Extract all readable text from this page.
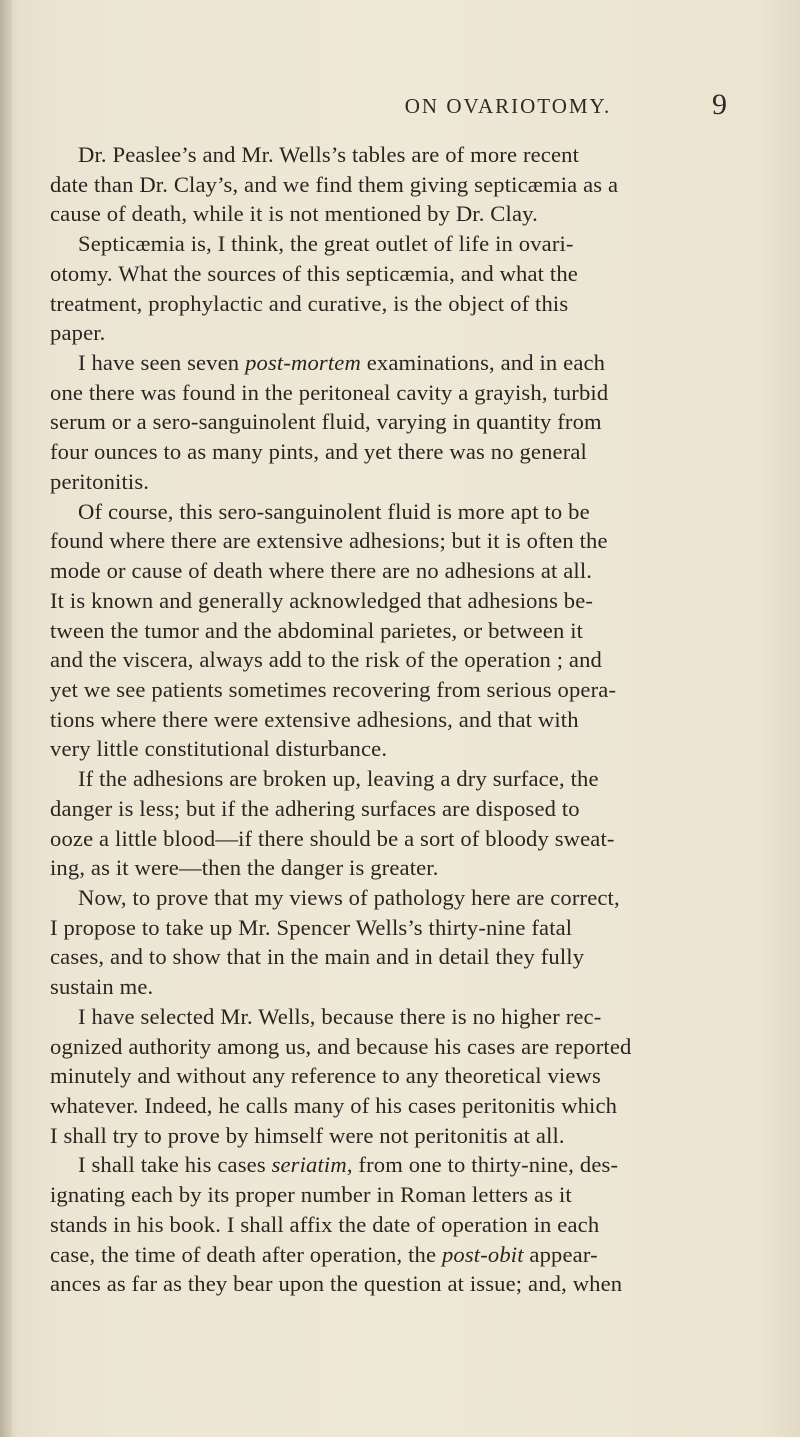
ON OVARIOTOMY.	9
Dr. Peaslee’s and Mr. Wells’s tables are of more recent
date than Dr. Clay’s, and we find them giving septicæmia as a
cause of death, while it is not mentioned by Dr. Clay.
Septicæmia is, I think, the great outlet of life in ovari-
otomy. What the sources of this septicæmia, and what the
treatment, prophylactic and curative, is the object of this
paper.
I have seen seven post-mortem examinations, and in each
one there was found in the peritoneal cavity a grayish, turbid
serum or a sero-sanguinolent fluid, varying in quantity from
four ounces to as many pints, and yet there was no general
peritonitis.
Of course, this sero-sanguinolent fluid is more apt to be
found where there are extensive adhesions; but it is often the
mode or cause of death where there are no adhesions at all.
It is known and generally acknowledged that adhesions be-
tween the tumor and the abdominal parietes, or between it
and the viscera, always add to the risk of the operation ; and
yet we see patients sometimes recovering from serious opera-
tions where there were extensive adhesions, and that with
very little constitutional disturbance.
If the adhesions are broken up, leaving a dry surface, the
danger is less; but if the adhering surfaces are disposed to
ooze a little blood—if there should be a sort of bloody sweat-
ing, as it were—then the danger is greater.
Now, to prove that my views of pathology here are correct,
I propose to take up Mr. Spencer Wells’s thirty-nine fatal
cases, and to show that in the main and in detail they fully
sustain me.
I have selected Mr. Wells, because there is no higher rec-
ognized authority among us, and because his cases are reported
minutely and without any reference to any theoretical views
whatever. Indeed, he calls many of his cases peritonitis which
I shall try to prove by himself were not peritonitis at all.
I shall take his cases seriatim, from one to thirty-nine, des-
ignating each by its proper number in Roman letters as it
stands in his book. I shall affix the date of operation in each
case, the time of death after operation, the post-obit appear-
ances as far as they bear upon the question at issue; and, when
